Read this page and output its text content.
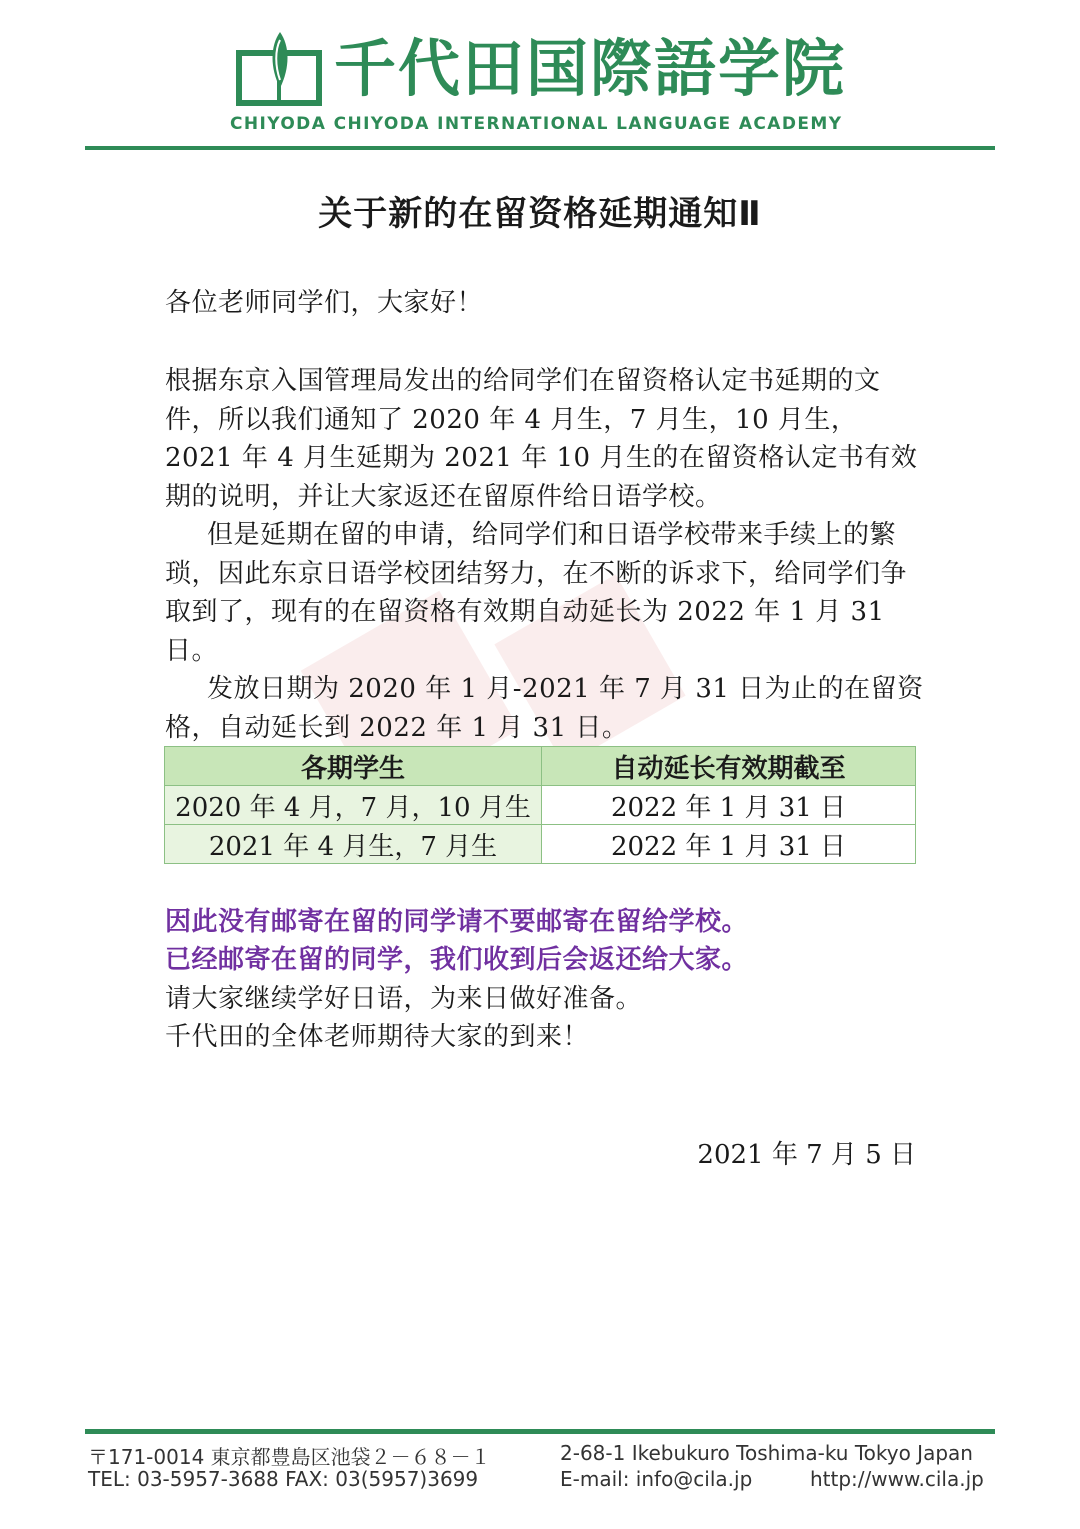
千代田国際語学院
CHIYODA CHIYODA INTERNATIONAL LANGUAGE ACADEMY
关于新的在留资格延期通知Ⅱ
各位老师同学们，大家好！
根据东京入国管理局发出的给同学们在留资格认定书延期的文件，所以我们通知了 2020 年 4 月生，7 月生，10 月生，2021 年 4 月生延期为 2021 年 10 月生的在留资格认定书有效期的说明，并让大家返还在留原件给日语学校。
但是延期在留的申请，给同学们和日语学校带来手续上的繁琐，因此东京日语学校团结努力，在不断的诉求下，给同学们争取到了，现有的在留资格有效期自动延长为 2022 年 1 月 31 日。
发放日期为 2020 年 1 月-2021 年 7 月 31 日为止的在留资格，自动延长到 2022 年 1 月 31 日。
各期学生	自动延长有效期截至
2020 年 4 月，7 月，10 月生	2022 年 1 月 31 日
2021 年 4 月生，7 月生	2022 年 1 月 31 日
因此没有邮寄在留的同学请不要邮寄在留给学校。
已经邮寄在留的同学，我们收到后会返还给大家。
请大家继续学好日语，为来日做好准备。
千代田的全体老师期待大家的到来！
2021 年 7 月 5 日
〒171-0014 東京都豊島区池袋２－６８－１	2-68-1 Ikebukuro Toshima-ku Tokyo Japan
TEL: 03-5957-3688 FAX: 03(5957)3699	E-mail: info@cila.jp	http://www.cila.jp
